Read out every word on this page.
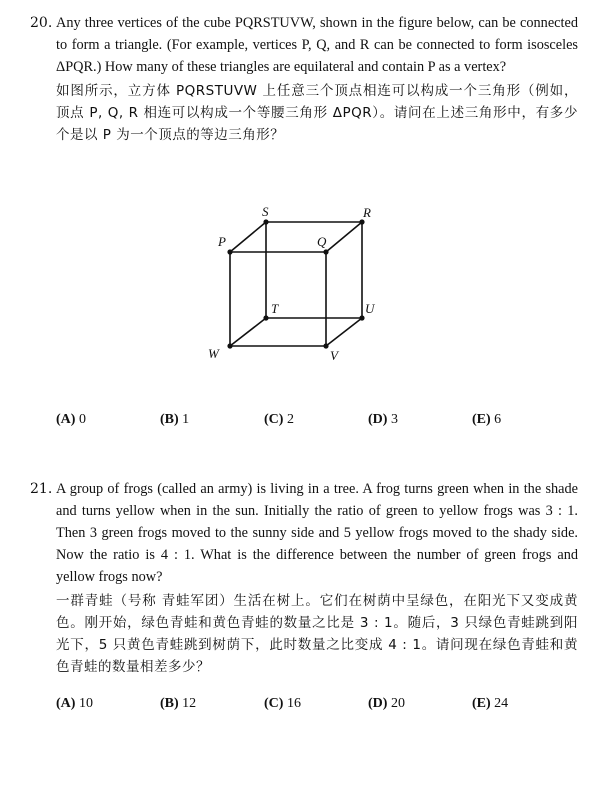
20. Any three vertices of the cube PQRSTUVW, shown in the figure below, can be connected to form a triangle. (For example, vertices P, Q, and R can be connected to form isosceles ΔPQR.) How many of these triangles are equilateral and contain P as a vertex?

如图所示，立方体 PQRSTUVW 上任意三个顶点相连可以构成一个三角形（例如，顶点 P, Q, R 相连可以构成一个等腰三角形 ΔPQR）。请问在上述三角形中，有多少个是以 P 为一个顶点的等边三角形？

S	R
P	Q
T	U
W	V
(A) 0	(B) 1	(C) 2	(D) 3	(E) 6
21. A group of frogs (called an army) is living in a tree. A frog turns green when in the shade and turns yellow when in the sun. Initially the ratio of green to yellow frogs was 3 : 1. Then 3 green frogs moved to the sunny side and 5 yellow frogs moved to the shady side. Now the ratio is 4 : 1. What is the difference between the number of green frogs and yellow frogs now?

一群青蛙（号称 青蛙军团）生活在树上。它们在树荫中呈绿色，在阳光下又变成黄色。刚开始，绿色青蛙和黄色青蛙的数量之比是 3 : 1。随后，3 只绿色青蛙跳到阳光下，5 只黄色青蛙跳到树荫下，此时数量之比变成 4 : 1。请问现在绿色青蛙和黄色青蛙的数量相差多少？

(A) 10	(B) 12	(C) 16	(D) 20	(E) 24
